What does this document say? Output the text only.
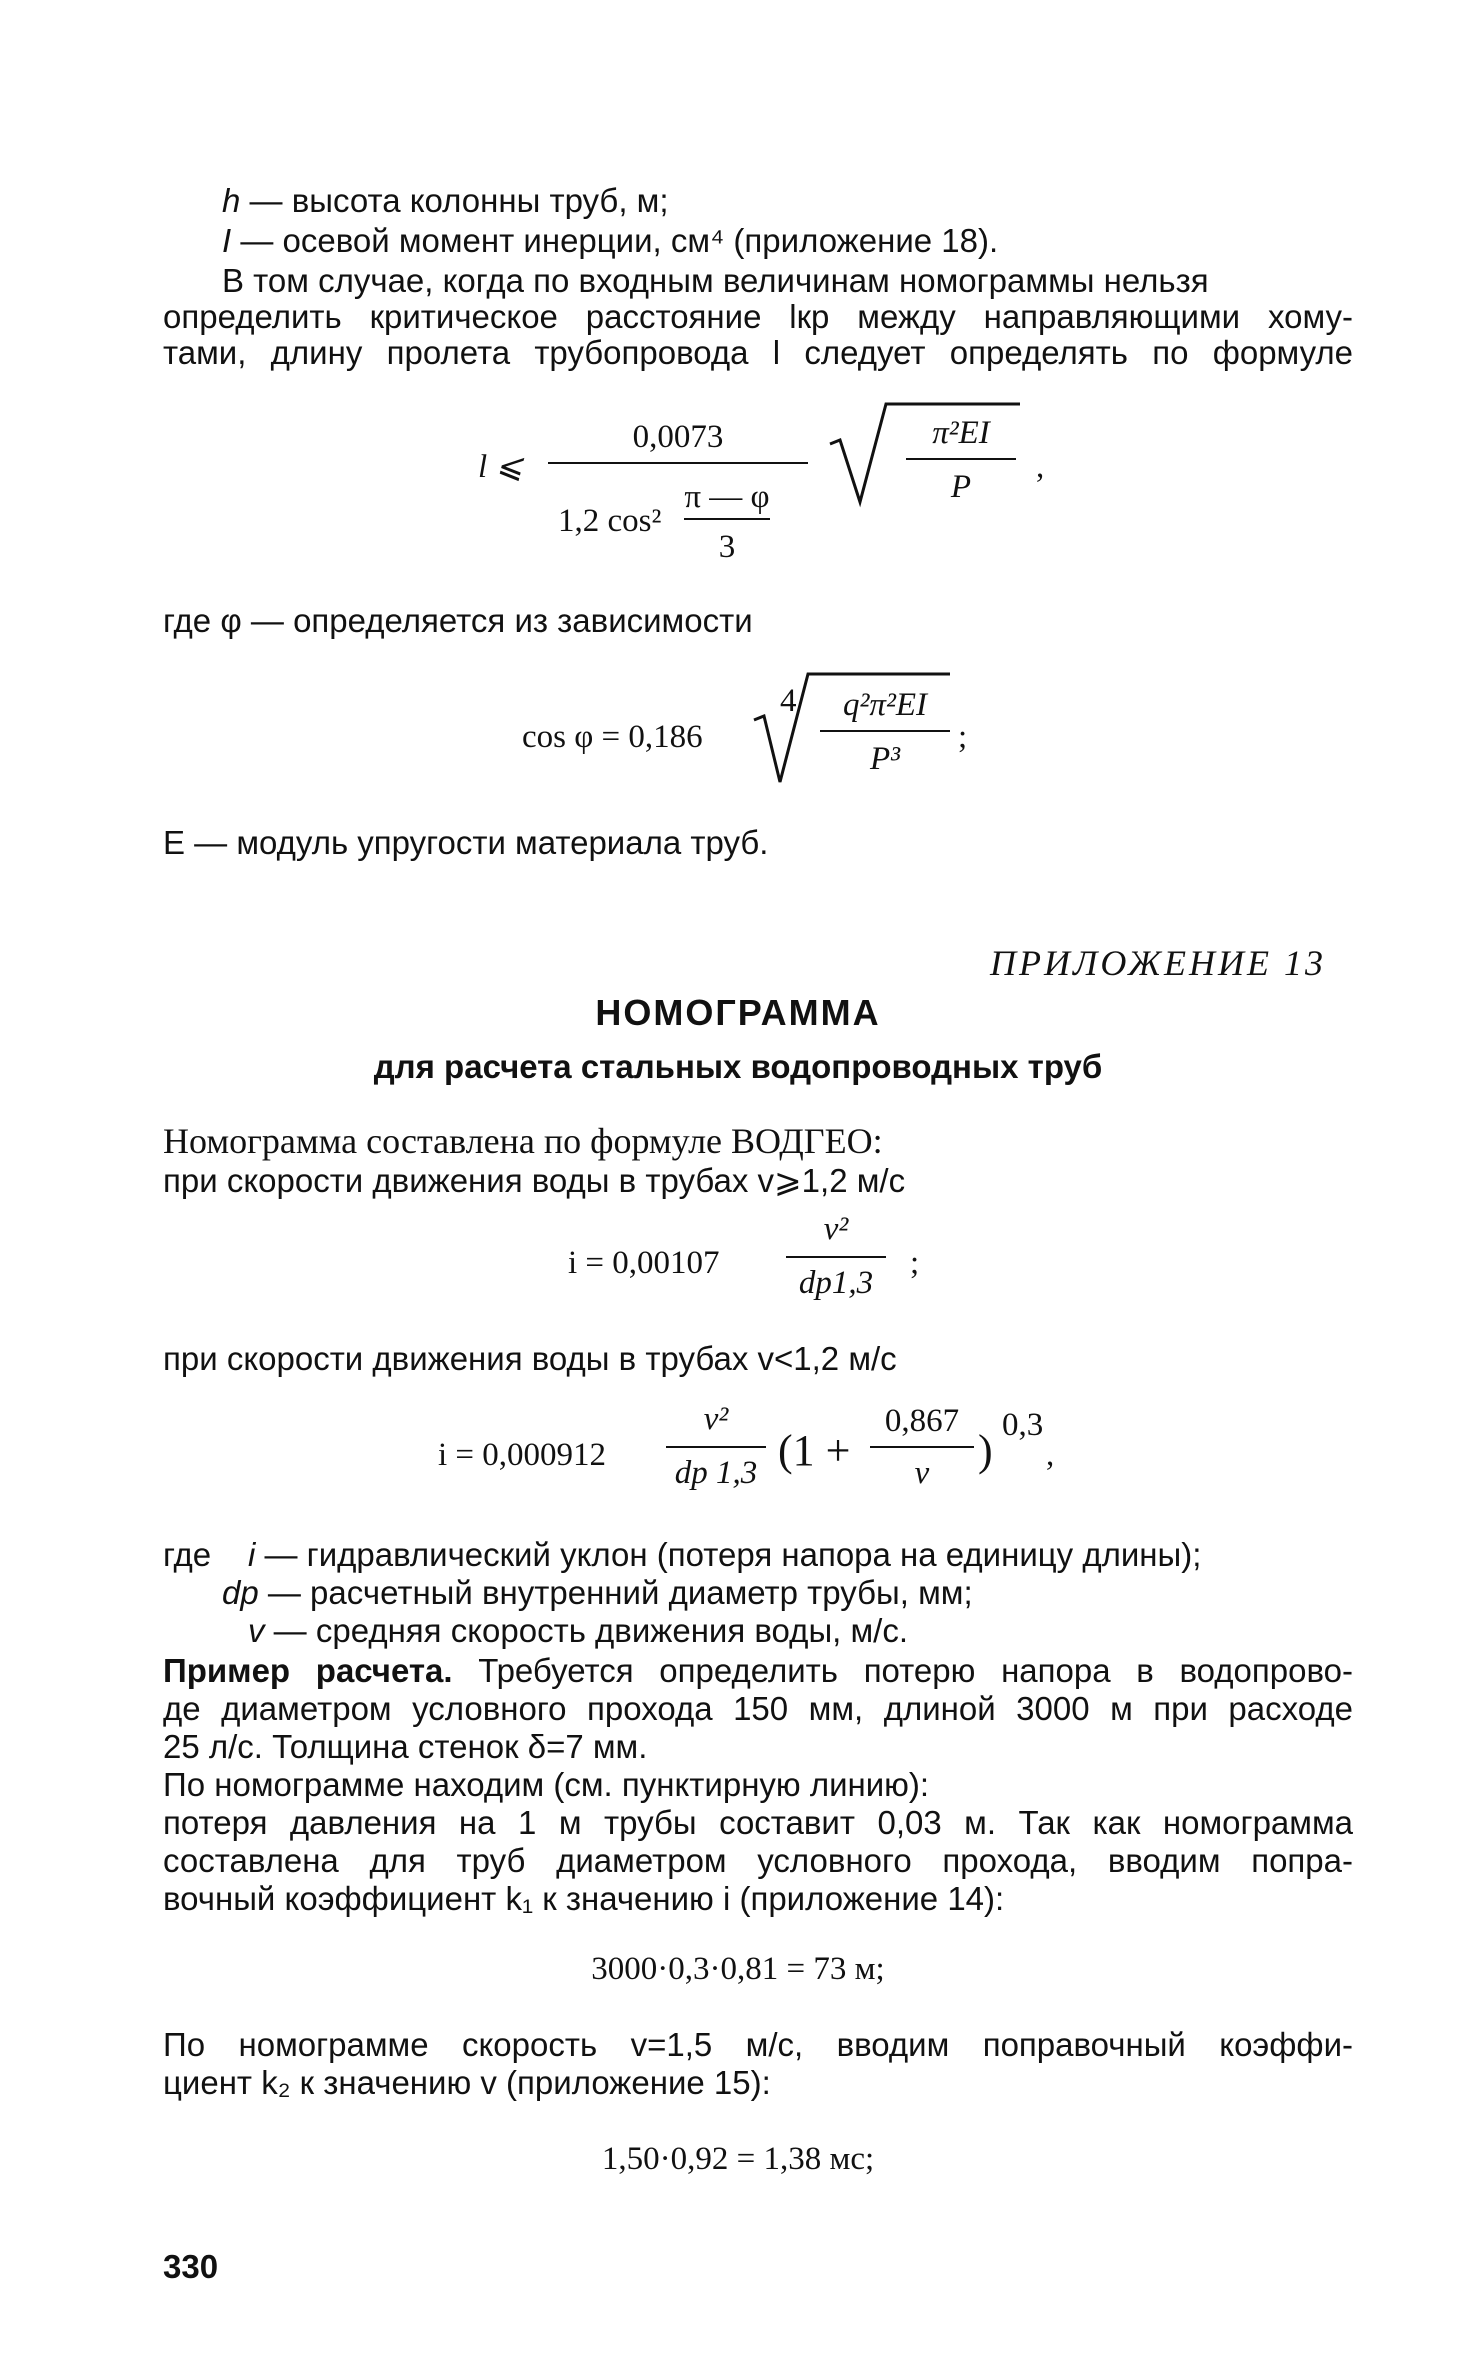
h — высота колонны труб, м;
I — осевой момент инерции, см⁴ (приложение 18).
В том случае, когда по входным величинам номограммы нельзя
определить критическое расстояние lкр между направляющими хому-
тами, длину пролета трубопровода l следует определять по формуле
l ⩽
0,0073
1,2 cos²
π — φ
3
π²EI
P
,
где φ — определяется из зависимости
cos φ = 0,186
4	q²π²EI
P³
;
E — модуль упругости материала труб.
ПРИЛОЖЕНИЕ 13
НОМОГРАММА
для расчета стальных водопроводных труб
Номограмма составлена по формуле ВОДГЕО:
при скорости движения воды в трубах v⩾1,2 м/с
i = 0,00107
v²
dр1,3
;
при скорости движения воды в трубах v<1,2 м/с
i = 0,000912
v²
dр 1,3 (1 +
0,867
v	)
0,3
,
где i — гидравлический уклон (потеря напора на единицу длины);
dр — расчетный внутренний диаметр трубы, мм;
v — средняя скорость движения воды, м/с.
Пример расчета. Требуется определить потерю напора в водопрово-
де диаметром условного прохода 150 мм, длиной 3000 м при расходе
25 л/с. Толщина стенок δ=7 мм.
По номограмме находим (см. пунктирную линию):
потеря давления на 1 м трубы составит 0,03 м. Так как номограмма
составлена для труб диаметром условного прохода, вводим попра-
вочный коэффициент k₁ к значению i (приложение 14):
3000·0,3·0,81 = 73 м;
По номограмме скорость v=1,5 м/с, вводим поправочный коэффи-
циент k₂ к значению v (приложение 15):
1,50·0,92 = 1,38 мс;
330
